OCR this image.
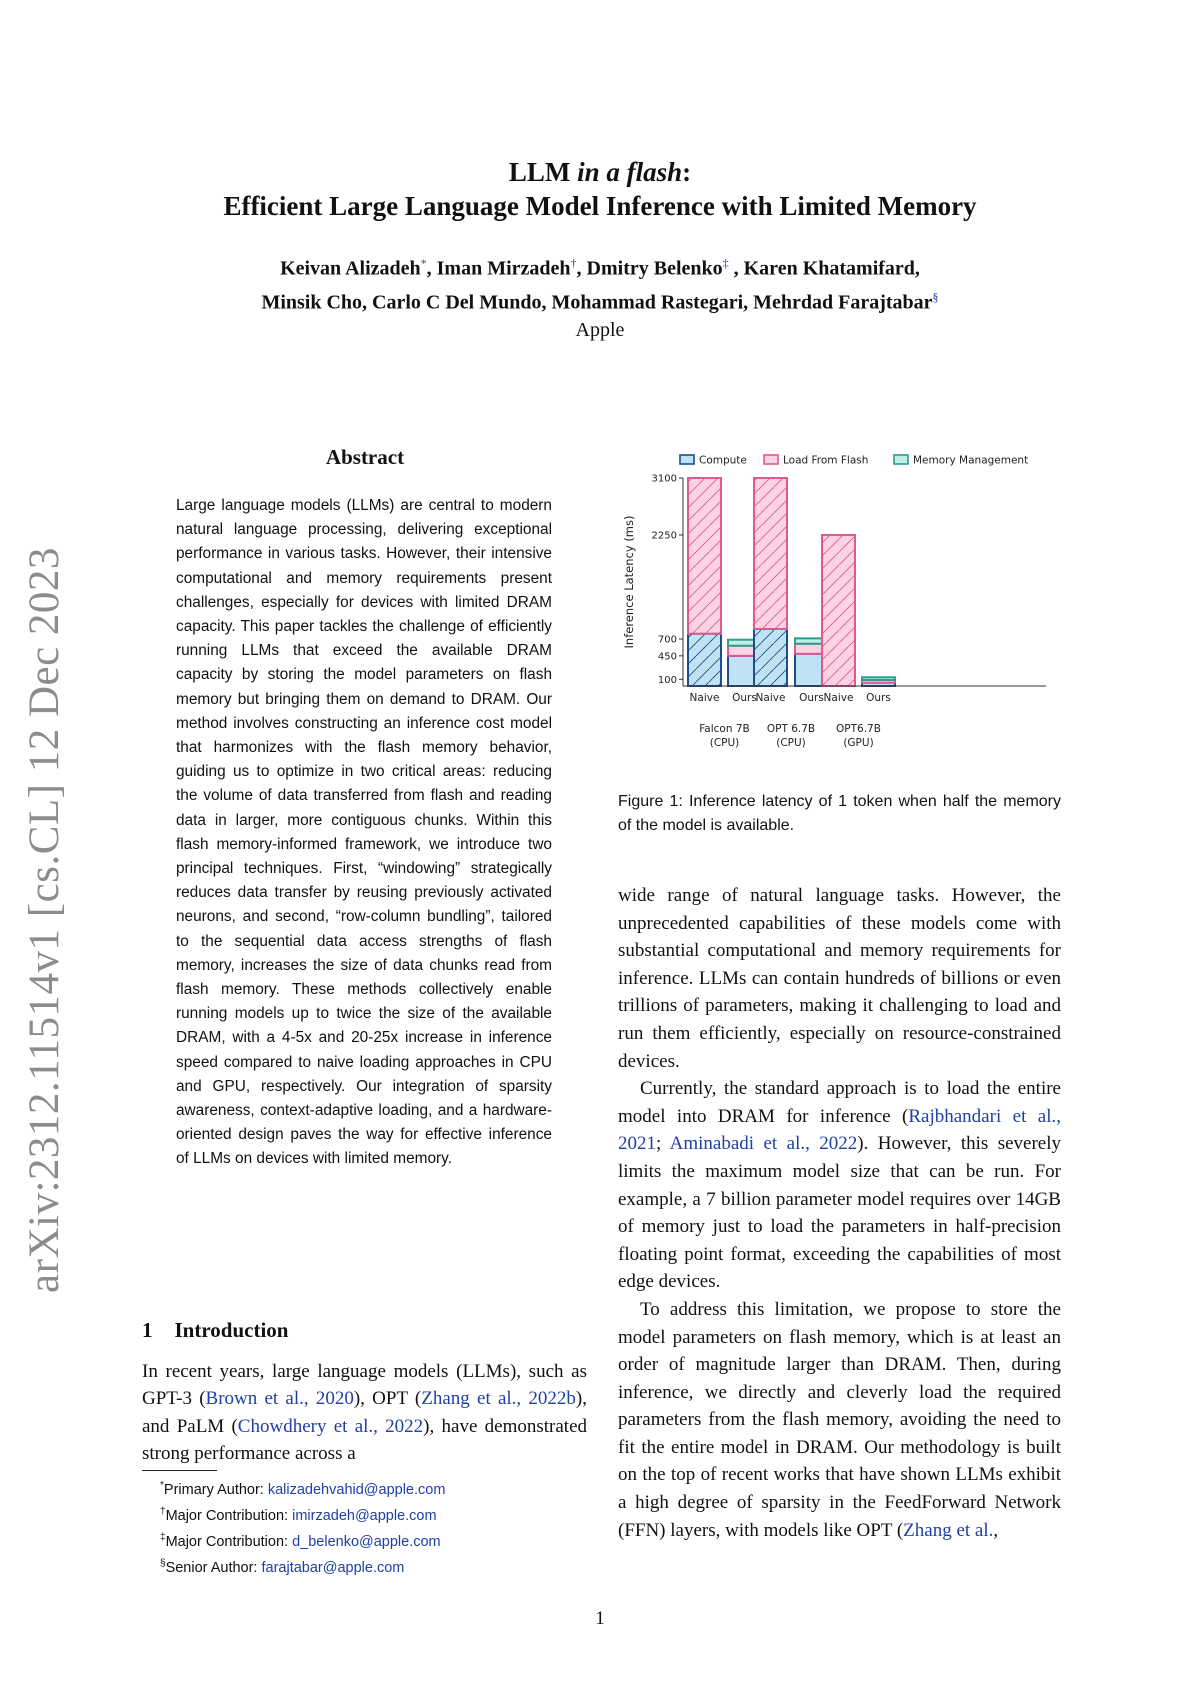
arXiv:2312.11514v1 [cs.CL] 12 Dec 2023
LLM in a flash:
Efficient Large Language Model Inference with Limited Memory
Keivan Alizadeh*, Iman Mirzadeh†, Dmitry Belenko‡ , Karen Khatamifard,
Minsik Cho, Carlo C Del Mundo, Mohammad Rastegari, Mehrdad Farajtabar§
Apple
Abstract
Large language models (LLMs) are central to modern natural language processing, delivering exceptional performance in various tasks. However, their intensive computational and memory requirements present challenges, especially for devices with limited DRAM capacity. This paper tackles the challenge of efficiently running LLMs that exceed the available DRAM capacity by storing the model parameters on flash memory but bringing them on demand to DRAM. Our method involves constructing an inference cost model that harmonizes with the flash memory behavior, guiding us to optimize in two critical areas: reducing the volume of data transferred from flash and reading data in larger, more contiguous chunks. Within this flash memory-informed framework, we introduce two principal techniques. First, “windowing” strategically reduces data transfer by reusing previously activated neurons, and second, “row-column bundling”, tailored to the sequential data access strengths of flash memory, increases the size of data chunks read from flash memory. These methods collectively enable running models up to twice the size of the available DRAM, with a 4-5x and 20-25x increase in inference speed compared to naive loading approaches in CPU and GPU, respectively. Our integration of sparsity awareness, context-adaptive loading, and a hardware-oriented design paves the way for effective inference of LLMs on devices with limited memory.
1 Introduction
In recent years, large language models (LLMs), such as GPT-3 (Brown et al., 2020), OPT (Zhang et al., 2022b), and PaLM (Chowdhery et al., 2022), have demonstrated strong performance across a
*Primary Author: kalizadehvahid@apple.com
†Major Contribution: imirzadeh@apple.com
‡Major Contribution: d_belenko@apple.com
§Senior Author: farajtabar@apple.com
Compute	Load From Flash	Memory Management
100
450
700
2250
3100
Inference Latency (ms)
Naive Ours
Naive Ours Naive Ours
Falcon 7B
(CPU)
OPT 6.7B
(CPU)
OPT6.7B
(GPU)
Figure 1: Inference latency of 1 token when half the memory of the model is available.

wide range of natural language tasks. However, the unprecedented capabilities of these models come with substantial computational and memory requirements for inference. LLMs can contain hundreds of billions or even trillions of parameters, making it challenging to load and run them efficiently, especially on resource-constrained devices.

Currently, the standard approach is to load the entire model into DRAM for inference (Rajbhandari et al., 2021; Aminabadi et al., 2022). However, this severely limits the maximum model size that can be run. For example, a 7 billion parameter model requires over 14GB of memory just to load the parameters in half-precision floating point format, exceeding the capabilities of most edge devices.

To address this limitation, we propose to store the model parameters on flash memory, which is at least an order of magnitude larger than DRAM. Then, during inference, we directly and cleverly load the required parameters from the flash memory, avoiding the need to fit the entire model in DRAM. Our methodology is built on the top of recent works that have shown LLMs exhibit a high degree of sparsity in the FeedForward Network (FFN) layers, with models like OPT (Zhang et al.,

1
